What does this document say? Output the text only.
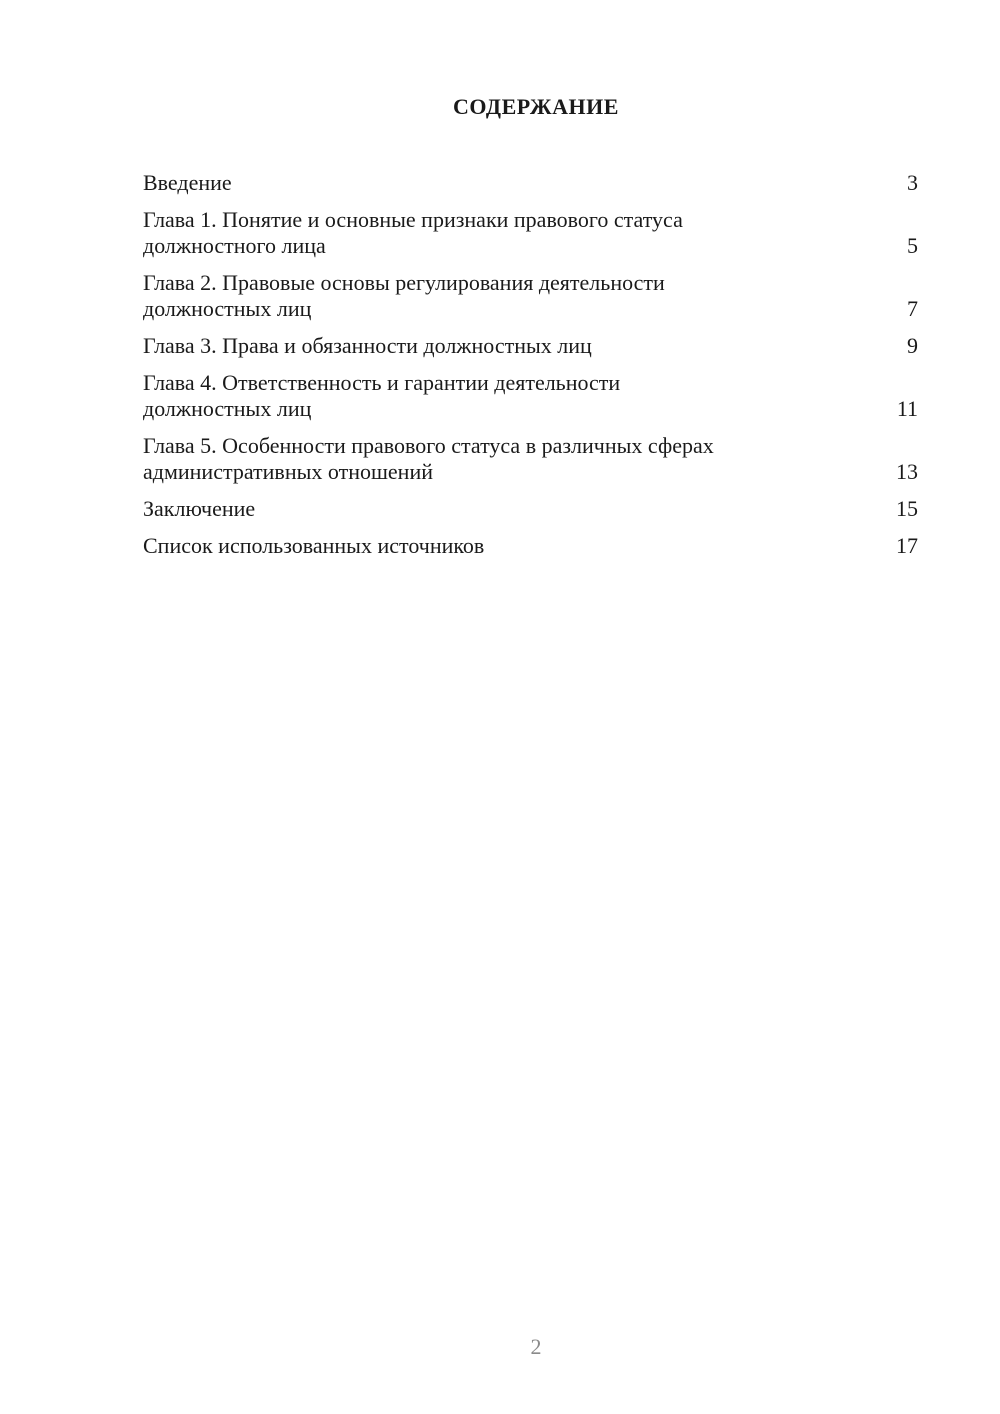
СОДЕРЖАНИЕ
Введение	3
Глава 1. Понятие и основные признаки правового статуса
должностного лица	5
Глава 2. Правовые основы регулирования деятельности
должностных лиц	7
Глава 3. Права и обязанности должностных лиц	9
Глава 4. Ответственность и гарантии деятельности
должностных лиц	11
Глава 5. Особенности правового статуса в различных сферах
административных отношений	13
Заключение	15
Список использованных источников	17
2
